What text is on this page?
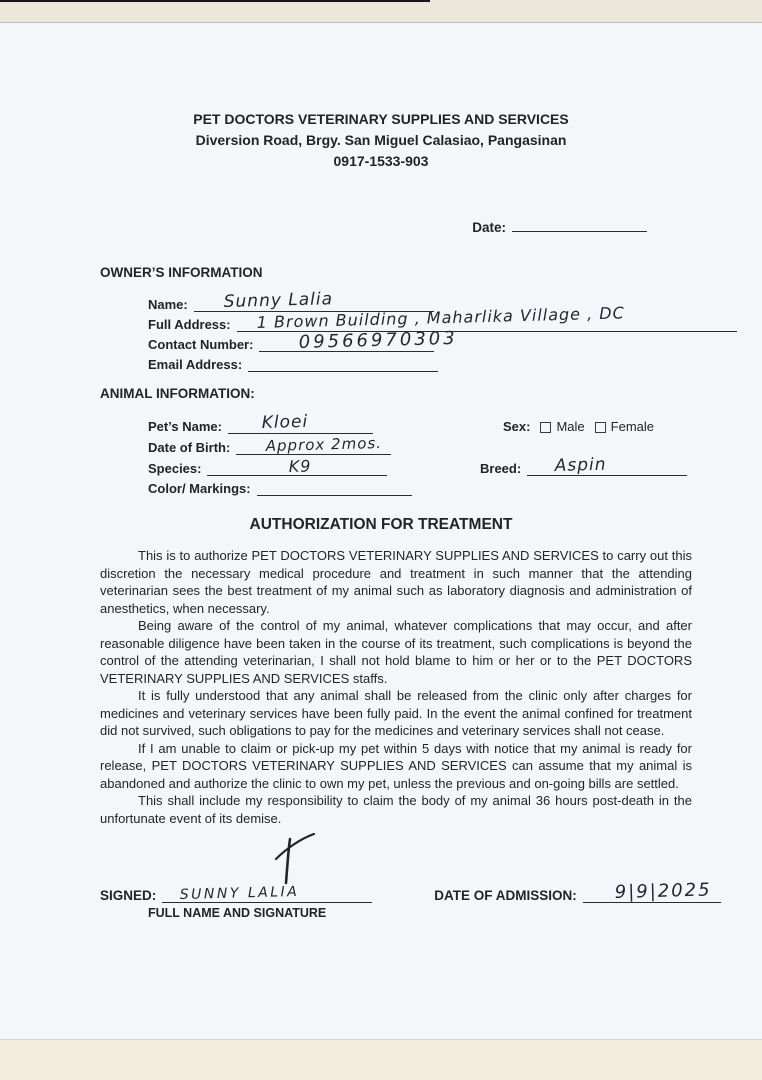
PET DOCTORS VETERINARY SUPPLIES AND SERVICES
Diversion Road, Brgy. San Miguel Calasiao, Pangasinan
0917-1533-903
Date:
OWNER’S INFORMATION
Name: Sunny Lalia
Full Address: 1 Brown Building , Maharlika Village , DC
Contact Number:	09566970303
Email Address:
ANIMAL INFORMATION:
Pet’s Name: Kloei	Sex: Male Female
Date of Birth: Approx 2mos.
Species:	K9	Breed: Aspin
Color/ Markings:
AUTHORIZATION FOR TREATMENT

This is to authorize PET DOCTORS VETERINARY SUPPLIES AND SERVICES to carry out this discretion the necessary medical procedure and treatment in such manner that the attending veterinarian sees the best treatment of my animal such as laboratory diagnosis and administration of anesthetics, when necessary.

Being aware of the control of my animal, whatever complications that may occur, and after reasonable diligence have been taken in the course of its treatment, such complications is beyond the control of the attending veterinarian, I shall not hold blame to him or her or to the PET DOCTORS VETERINARY SUPPLIES AND SERVICES staffs.

It is fully understood that any animal shall be released from the clinic only after charges for medicines and veterinary services have been fully paid. In the event the animal confined for treatment did not survived, such obligations to pay for the medicines and veterinary services shall not cease.

If I am unable to claim or pick-up my pet within 5 days with notice that my animal is ready for release, PET DOCTORS VETERINARY SUPPLIES AND SERVICES can assume that my animal is abandoned and authorize the clinic to own my pet, unless the previous and on-going bills are settled.

This shall include my responsibility to claim the body of my animal 36 hours post-death in the unfortunate event of its demise.

SIGNED: SUNNY LALIA	DATE OF ADMISSION: 9|9|2025
FULL NAME AND SIGNATURE
